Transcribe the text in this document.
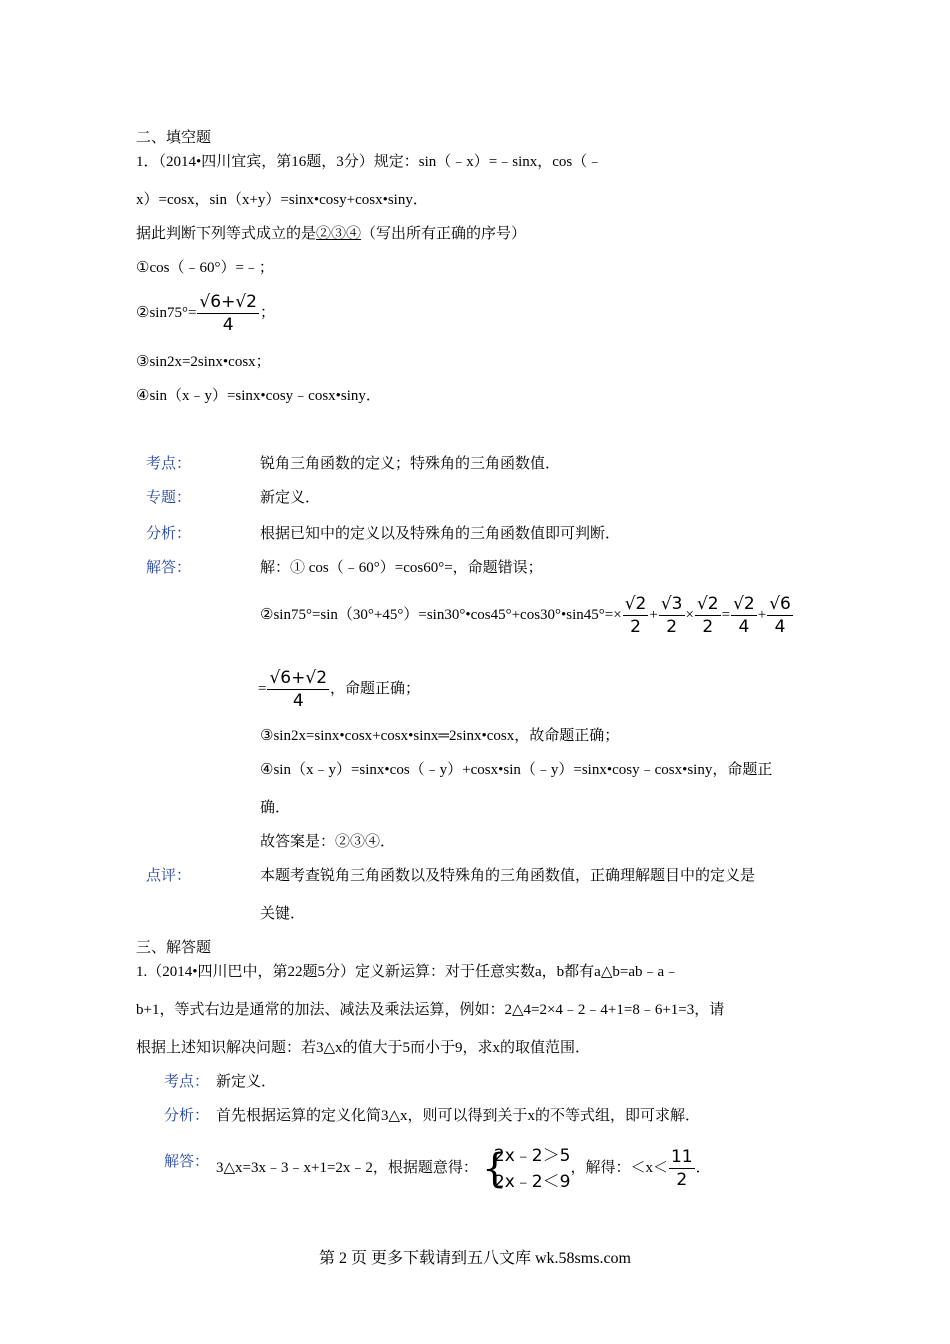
二、填空题
1．（2014•四川宜宾，第16题，3分）规定：sin（﹣x）=﹣sinx，cos（﹣
x）=cosx，sin（x+y）=sinx•cosy+cosx•siny．
据此判断下列等式成立的是②③④（写出所有正确的序号）
①cos（﹣60°）=﹣；
②sin75°= $\frac{√6+√2}{4}$ ；
③sin2x=2sinx•cosx；
④sin（x﹣y）=sinx•cosy﹣cosx•siny．
考点：	锐角三角函数的定义；特殊角的三角函数值．
专题：	新定义．
分析：	根据已知中的定义以及特殊角的三角函数值即可判断．
解答：	解：① cos（﹣60°）=cos60°=，命题错误；
②sin75°=sin（30°+45°）=sin30°•cos45°+cos30°•sin45°=× $\frac{√2}{2} + \frac{√3}{2} \times \frac{√2}{2} = \frac{√2}{4} + \frac{√6}{4}$
= $\frac{√6+√2}{4}$ ，命题正确；
③sin2x=sinx•cosx+cosx•sinx═2sinx•cosx，故命题正确；
④sin（x﹣y）=sinx•cos（﹣y）+cosx•sin（﹣y）=sinx•cosy﹣cosx•siny，命题正
确．
故答案是：②③④．
点评：	本题考查锐角三角函数以及特殊角的三角函数值，正确理解题目中的定义是
关键．
三、解答题
1.（2014•四川巴中，第22题5分）定义新运算：对于任意实数a，b都有a△b=ab﹣a﹣
b+1，等式右边是通常的加法、减法及乘法运算，例如：2△4=2×4﹣2﹣4+1=8﹣6+1=3，请
根据上述知识解决问题：若3△x的值大于5而小于9，求x的取值范围．
考点： 新定义．
分析： 首先根据运算的定义化简3△x，则可以得到关于x的不等式组，即可求解．
解答： 3△x=3x﹣3﹣x+1=2x﹣2，根据题意得： {
2x﹣2＞5
2x﹣2＜9
，解得：$<x< \frac{11}{2}$ ．
第 2 页 更多下载请到五八文库 wk.58sms.com
